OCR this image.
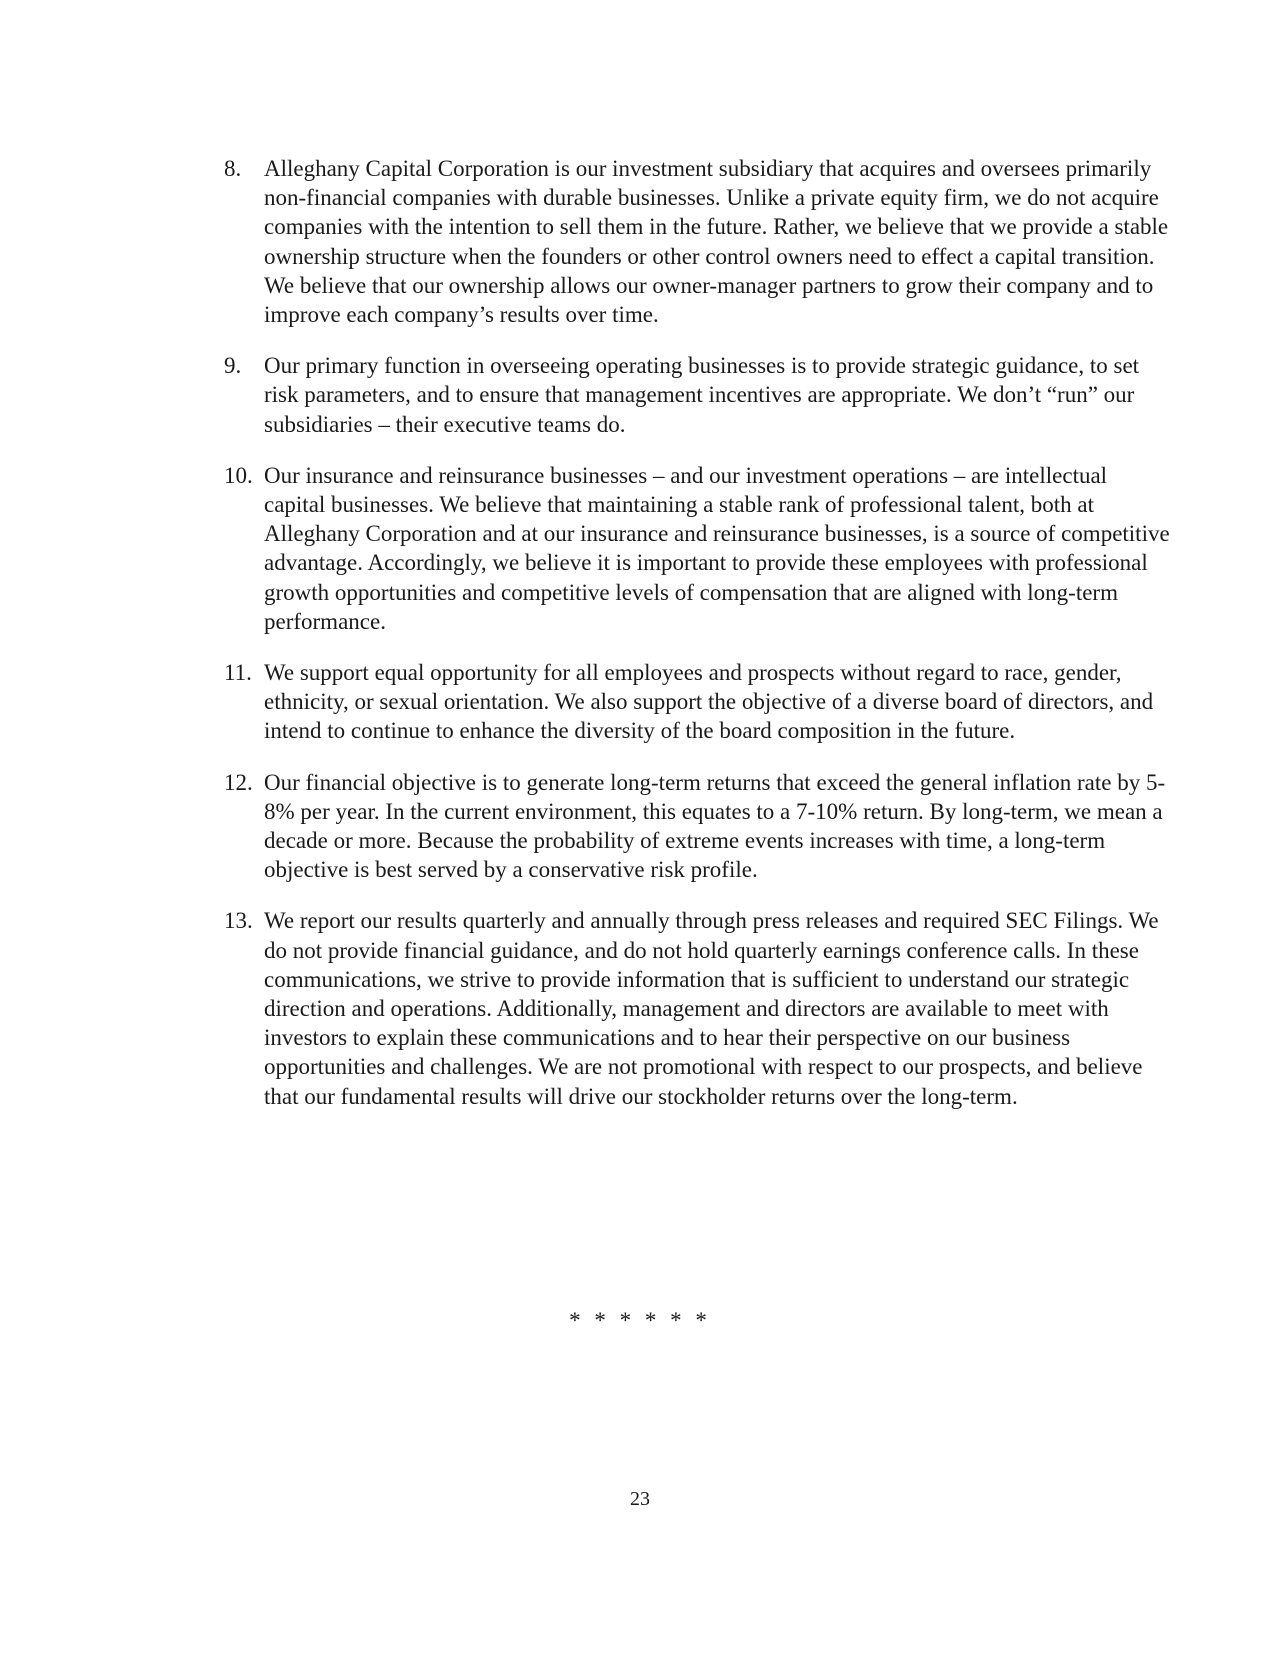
8. Alleghany Capital Corporation is our investment subsidiary that acquires and oversees primarily non-financial companies with durable businesses. Unlike a private equity firm, we do not acquire companies with the intention to sell them in the future. Rather, we believe that we provide a stable ownership structure when the founders or other control owners need to effect a capital transition. We believe that our ownership allows our owner-manager partners to grow their company and to improve each company’s results over time.
9. Our primary function in overseeing operating businesses is to provide strategic guidance, to set risk parameters, and to ensure that management incentives are appropriate. We don’t “run” our subsidiaries – their executive teams do.
10. Our insurance and reinsurance businesses – and our investment operations – are intellectual capital businesses. We believe that maintaining a stable rank of professional talent, both at Alleghany Corporation and at our insurance and reinsurance businesses, is a source of competitive advantage. Accordingly, we believe it is important to provide these employees with professional growth opportunities and competitive levels of compensation that are aligned with long-term performance.
11. We support equal opportunity for all employees and prospects without regard to race, gender, ethnicity, or sexual orientation. We also support the objective of a diverse board of directors, and intend to continue to enhance the diversity of the board composition in the future.
12. Our financial objective is to generate long-term returns that exceed the general inflation rate by 5-8% per year. In the current environment, this equates to a 7-10% return. By long-term, we mean a decade or more. Because the probability of extreme events increases with time, a long-term objective is best served by a conservative risk profile.
13. We report our results quarterly and annually through press releases and required SEC Filings. We do not provide financial guidance, and do not hold quarterly earnings conference calls. In these communications, we strive to provide information that is sufficient to understand our strategic direction and operations. Additionally, management and directors are available to meet with investors to explain these communications and to hear their perspective on our business opportunities and challenges. We are not promotional with respect to our prospects, and believe that our fundamental results will drive our stockholder returns over the long-term.
* * * * * *
23
